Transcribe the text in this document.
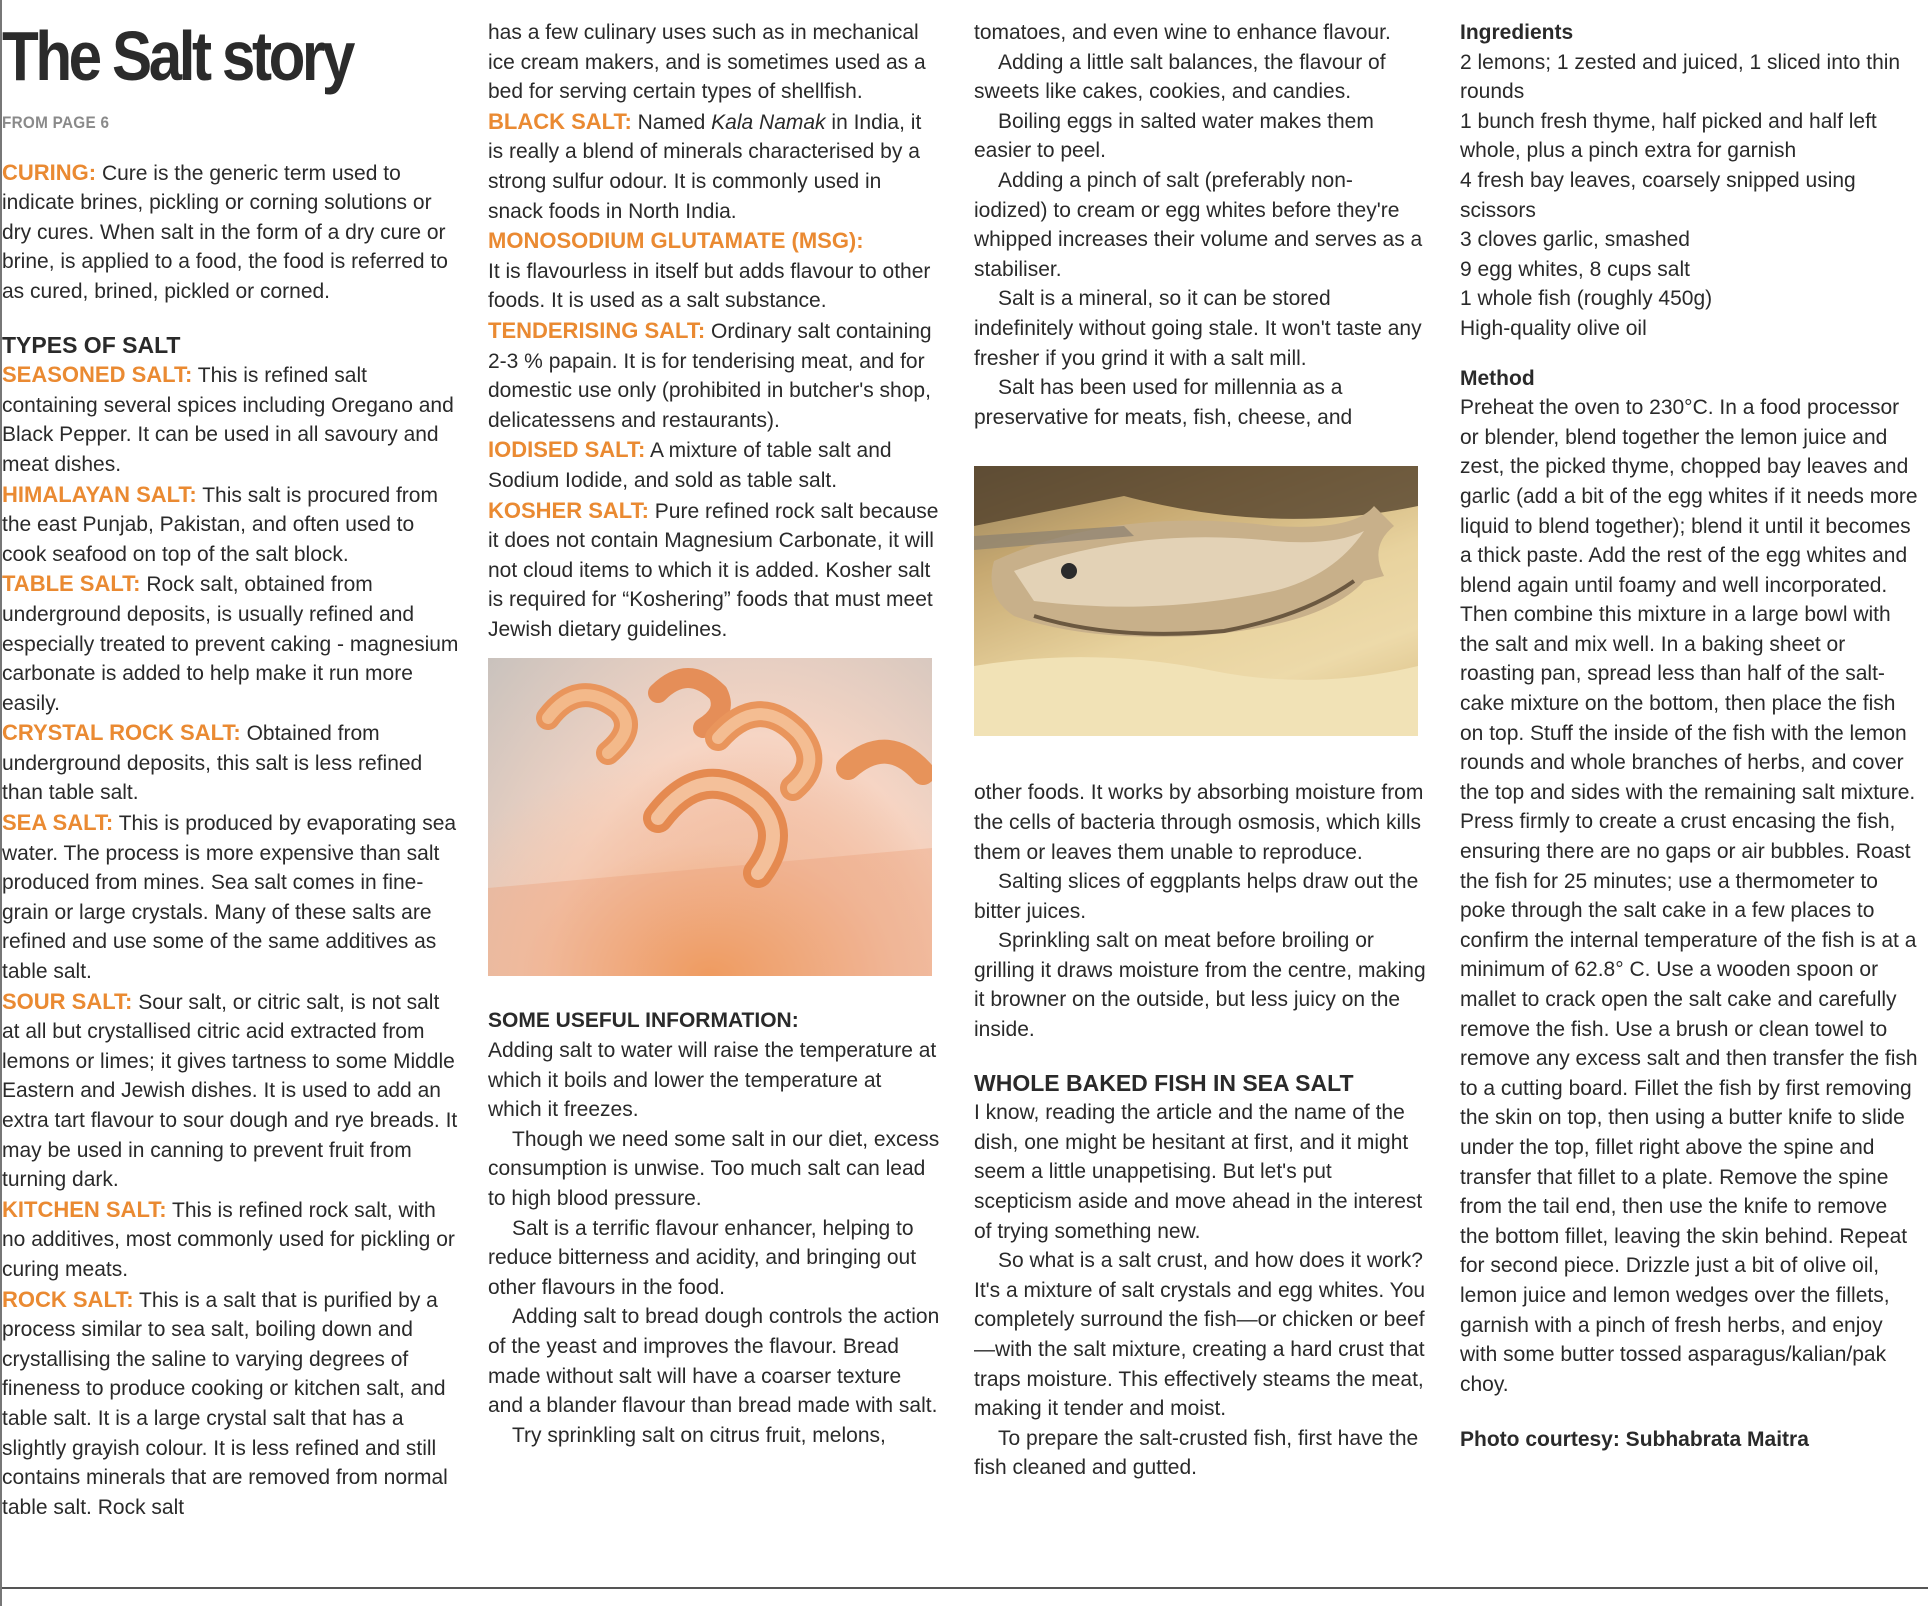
The Salt story
FROM PAGE 6

CURING: Cure is the generic term used to indicate brines, pickling or corning solutions or dry cures. When salt in the form of a dry cure or brine, is applied to a food, the food is referred to as cured, brined, pickled or corned.

TYPES OF SALT

SEASONED SALT: This is refined salt containing several spices including Oregano and Black Pepper. It can be used in all savoury and meat dishes.

HIMALAYAN SALT: This salt is procured from the east Punjab, Pakistan, and often used to cook seafood on top of the salt block.

TABLE SALT: Rock salt, obtained from underground deposits, is usually refined and especially treated to prevent caking - magnesium carbonate is added to help make it run more easily.

CRYSTAL ROCK SALT: Obtained from underground deposits, this salt is less refined than table salt.

SEA SALT: This is produced by evaporating sea water. The process is more expensive than salt produced from mines. Sea salt comes in fine-grain or large crystals. Many of these salts are refined and use some of the same additives as table salt.

SOUR SALT: Sour salt, or citric salt, is not salt at all but crystallised citric acid extracted from lemons or limes; it gives tartness to some Middle Eastern and Jewish dishes. It is used to add an extra tart flavour to sour dough and rye breads. It may be used in canning to prevent fruit from turning dark.

KITCHEN SALT: This is refined rock salt, with no additives, most commonly used for pickling or curing meats.

ROCK SALT: This is a salt that is purified by a process similar to sea salt, boiling down and crystallising the saline to varying degrees of fineness to produce cooking or kitchen salt, and table salt. It is a large crystal salt that has a slightly grayish colour. It is less refined and still contains minerals that are removed from normal table salt. Rock salt

has a few culinary uses such as in mechanical ice cream makers, and is sometimes used as a bed for serving certain types of shellfish.

BLACK SALT: Named Kala Namak in India, it is really a blend of minerals characterised by a strong sulfur odour. It is commonly used in snack foods in North India.

MONOSODIUM GLUTAMATE (MSG):
It is flavourless in itself but adds flavour to other foods. It is used as a salt substance.

TENDERISING SALT: Ordinary salt containing 2-3 % papain. It is for tenderising meat, and for domestic use only (prohibited in butcher's shop, delicatessens and restaurants).

IODISED SALT: A mixture of table salt and Sodium Iodide, and sold as table salt.

KOSHER SALT: Pure refined rock salt because it does not contain Magnesium Carbonate, it will not cloud items to which it is added. Kosher salt is required for “Koshering” foods that must meet Jewish dietary guidelines.

SOME USEFUL INFORMATION:

Adding salt to water will raise the temperature at which it boils and lower the temperature at which it freezes.

Though we need some salt in our diet, excess consumption is unwise. Too much salt can lead to high blood pressure.

Salt is a terrific flavour enhancer, helping to reduce bitterness and acidity, and bringing out other flavours in the food.

Adding salt to bread dough controls the action of the yeast and improves the flavour. Bread made without salt will have a coarser texture and a blander flavour than bread made with salt.

Try sprinkling salt on citrus fruit, melons,

tomatoes, and even wine to enhance flavour.

Adding a little salt balances, the flavour of sweets like cakes, cookies, and candies.

Boiling eggs in salted water makes them easier to peel.

Adding a pinch of salt (preferably non-iodized) to cream or egg whites before they're whipped increases their volume and serves as a stabiliser.

Salt is a mineral, so it can be stored indefinitely without going stale. It won't taste any fresher if you grind it with a salt mill.

Salt has been used for millennia as a preservative for meats, fish, cheese, and

other foods. It works by absorbing moisture from the cells of bacteria through osmosis, which kills them or leaves them unable to reproduce.

Salting slices of eggplants helps draw out the bitter juices.

Sprinkling salt on meat before broiling or grilling it draws moisture from the centre, making it browner on the outside, but less juicy on the inside.

WHOLE BAKED FISH IN SEA SALT

I know, reading the article and the name of the dish, one might be hesitant at first, and it might seem a little unappetising. But let's put scepticism aside and move ahead in the interest of trying something new.

So what is a salt crust, and how does it work? It's a mixture of salt crystals and egg whites. You completely surround the fish—or chicken or beef—with the salt mixture, creating a hard crust that traps moisture. This effectively steams the meat, making it tender and moist.

To prepare the salt-crusted fish, first have the fish cleaned and gutted.

Ingredients

2 lemons; 1 zested and juiced, 1 sliced into thin rounds

1 bunch fresh thyme, half picked and half left whole, plus a pinch extra for garnish

4 fresh bay leaves, coarsely snipped using scissors

3 cloves garlic, smashed

9 egg whites, 8 cups salt

1 whole fish (roughly 450g)

High-quality olive oil

Method

Preheat the oven to 230°C. In a food processor or blender, blend together the lemon juice and zest, the picked thyme, chopped bay leaves and garlic (add a bit of the egg whites if it needs more liquid to blend together); blend it until it becomes a thick paste. Add the rest of the egg whites and blend again until foamy and well incorporated. Then combine this mixture in a large bowl with the salt and mix well. In a baking sheet or roasting pan, spread less than half of the salt-cake mixture on the bottom, then place the fish on top. Stuff the inside of the fish with the lemon rounds and whole branches of herbs, and cover the top and sides with the remaining salt mixture. Press firmly to create a crust encasing the fish, ensuring there are no gaps or air bubbles. Roast the fish for 25 minutes; use a thermometer to poke through the salt cake in a few places to confirm the internal temperature of the fish is at a minimum of 62.8° C. Use a wooden spoon or mallet to crack open the salt cake and carefully remove the fish. Use a brush or clean towel to remove any excess salt and then transfer the fish to a cutting board. Fillet the fish by first removing the skin on top, then using a butter knife to slide under the top, fillet right above the spine and transfer that fillet to a plate. Remove the spine from the tail end, then use the knife to remove the bottom fillet, leaving the skin behind. Repeat for second piece. Drizzle just a bit of olive oil, lemon juice and lemon wedges over the fillets, garnish with a pinch of fresh herbs, and enjoy with some butter tossed asparagus/kalian/pak choy.

Photo courtesy: Subhabrata Maitra
